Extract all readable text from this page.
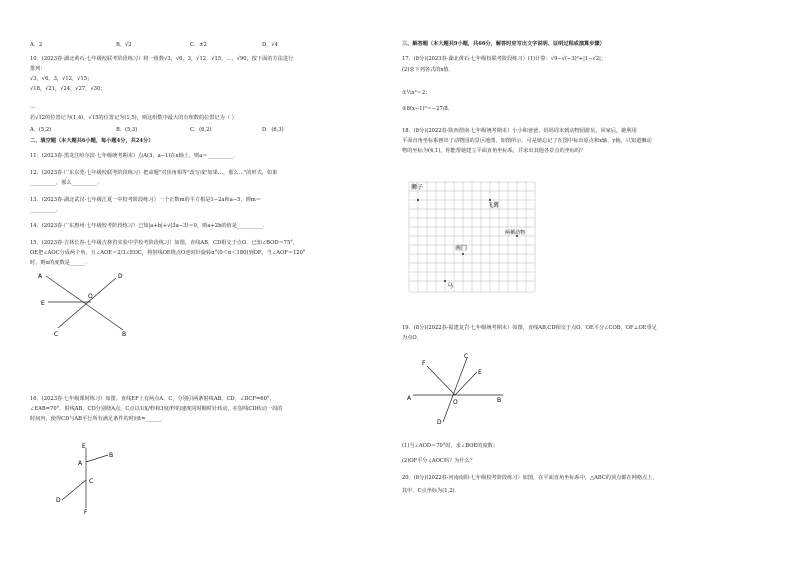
A．2	B．√2	C．±2	D．√4
10．(2023春·湖北黄石·七年级校联考阶段练习）将一组数√3，√6，3，√12，√15，…，√90，按下面的方法进行
排列：
√3，√6，3，√12，√15；
√18，√21，√24，√27，√30；
…
若√12的位置记为(1,4)，√15的位置记为(1,5)，则这组数中最大的有理数的位置记为（ ）
A．(5,2)	B．(5,3)	C．(6,2)	D．(6,3)
二、填空题（本大题共6小题，每小题4分，共24分）
11．(2023春·黑龙江哈尔滨·七年级统考期末）点A(3，a−1)在x轴上，则a＝__________．
12．(2023春·广东东莞·七年级校联考阶段练习）把命题"对顶角相等"改写成"如果…，那么…"的形式，如果
__________，那么__________．
13．(2023春·湖北武汉·七年级江夏一中校考阶段练习）一个正数m的平方根是1−2a和a−5，则m＝
__________．
14．(2023春·广东惠州·七年级校考阶段练习）已知|a+b|+√(3a−3)＝0，则a+2b的值是__________．
15．(2023春·吉林长春·七年级吉林省实验中学校考阶段练习）如图，直线AB，CD相交于点O．已知∠BOD＝75°，
OE把∠AOC分成两个角，且∠AOE＝2/3∠EOC，将射线OE绕点O逆时针旋转α°(0＜α＜180)到OF，当∠AOF＝120°
时，则α的度数是______．
A	D
E
O
C	B
16．(2023春·七年级课时练习）如图，直线EF上有两点A、C，分别引两条射线AB、CD．∠DCF=60°，
∠EAB=70°，射线AB、CD分别绕A点，C点以1度/秒和3度/秒的速度同时顺时针转动，在射线CD转动一周的
时间内，使得CD与AB平行所有满足条件的时间t=______．
E
B
A
C
D
F
三、解答题（本大题共9小题，共66分，解答时应写出文字说明、证明过程或演算步骤）
17．(8分)(2023春·湖北黄石·七年级校联考阶段练习）(1)计算：√9−√(−3)²+|1−√2|；
(2)求下列各式的x值．
①½x²＝2；
②8(x−1)³＝−27/8．
18．(8分)(2022春·陕西渭南·七年级统考期末）小小和爸爸、妈妈周末到动物园游玩，回家后，她利用
平面直角坐标系画出了动物园的景区地图，如图所示，可是她忘记了在图中标出原点和x轴、y轴，只知道狮动
物的坐标为(4,1)，你能帮她建立平面直角坐标系，并求出其他各景点的坐标吗？
狮子
飞禽
两栖动物
南门
马
19．(8分)(2022春·福建龙岩·七年级统考期末）如图，直线AB,CD相交于点O．OE平分∠COB，OF⊥OE垂足
为点O．
F
C
E
A
O	B
D
(1)当∠AOD＝70°时，求∠BOE的度数；
(2)OF平分∠AOC吗？为什么？
20．(8分)(2022春·河南南阳·七年级校考阶段练习）如图，在平面直角坐标系中，△ABC的顶点都在网格点上，
其中，C点坐标为(1,2)．
